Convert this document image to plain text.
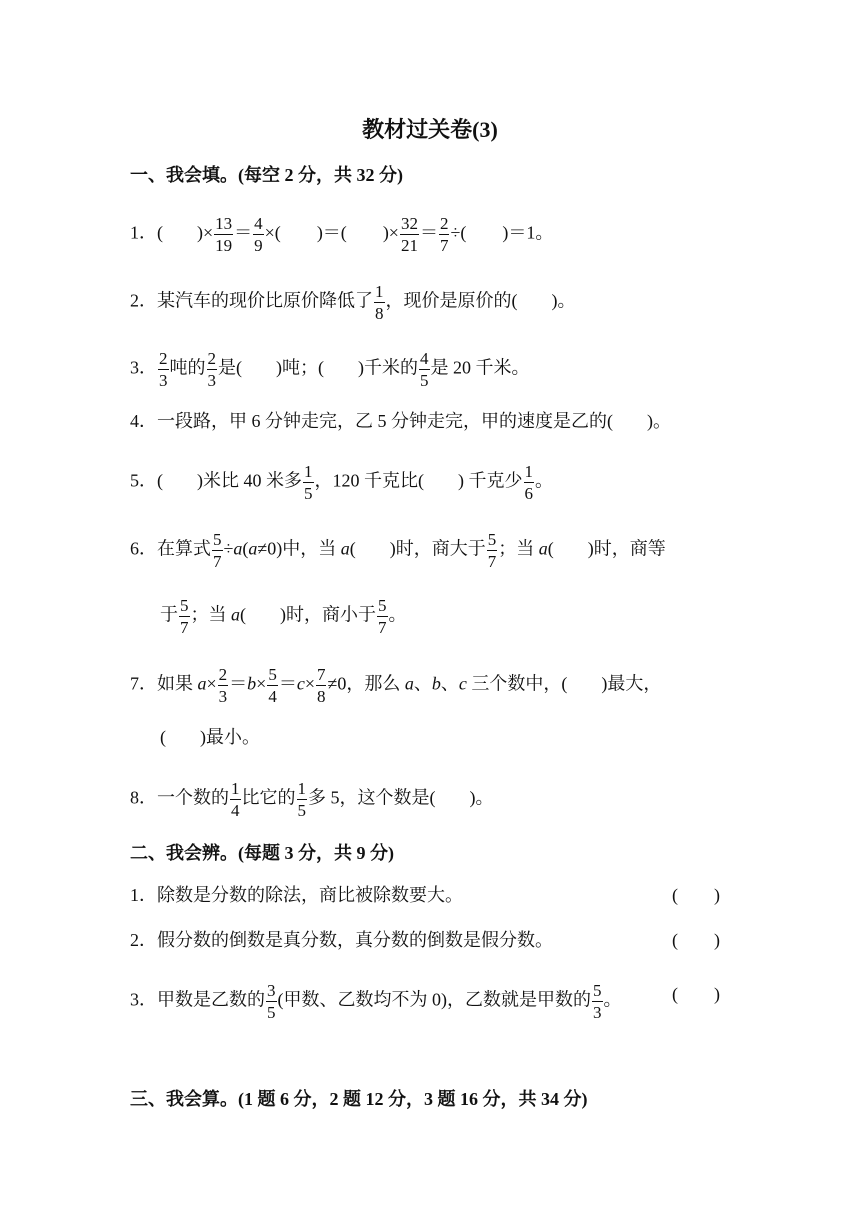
教材过关卷(3)
一、我会填。(每空 2 分，共 32 分)
1．( )× $\frac{13}{19} = \frac{4}{9}$ ×( )＝( )× $\frac{32}{21} = \frac{2}{7}$ ÷( )＝1。
2．某汽车的现价比原价降低了 $\frac{1}{8}$ ，现价是原价的( )。
3． $\frac{2}{3}$ 吨的 $\frac{2}{3}$ 是( )吨；( )千米的 $\frac{4}{5}$ 是 20 千米。
4．一段路，甲 6 分钟走完，乙 5 分钟走完，甲的速度是乙的( )。
5．( )米比 40 米多 $\frac{1}{5}$ ，120 千克比( ) 千克少 $\frac{1}{6}$ 。
6．在算式 $\frac{5}{7} \div a(a\ne 0)$中，当 a( )时，商大于 $\frac{5}{7}$ ；当 a( )时，商等
于 $\frac{5}{7}$ ；当 a( )时，商小于 $\frac{5}{7}$ 。
7．如果 $a\times \frac{2}{3} =b\times \frac{5}{4} =c\times \frac{7}{8} \ne 0$，那么 a、b、c 三个数中，( )最大，
( )最小。
8．一个数的 $\frac{1}{4}$ 比它的 $\frac{1}{5}$ 多 5，这个数是( )。
二、我会辨。(每题 3 分，共 9 分)
1．除数是分数的除法，商比被除数要大。	(　　)
2．假分数的倒数是真分数，真分数的倒数是假分数。	(　　)
3．甲数是乙数的 $\frac{3}{5}$ (甲数、乙数均不为 0)，乙数就是甲数的 $\frac{5}{3}$ 。	(　　)
三、我会算。(1 题 6 分，2 题 12 分，3 题 16 分，共 34 分)
